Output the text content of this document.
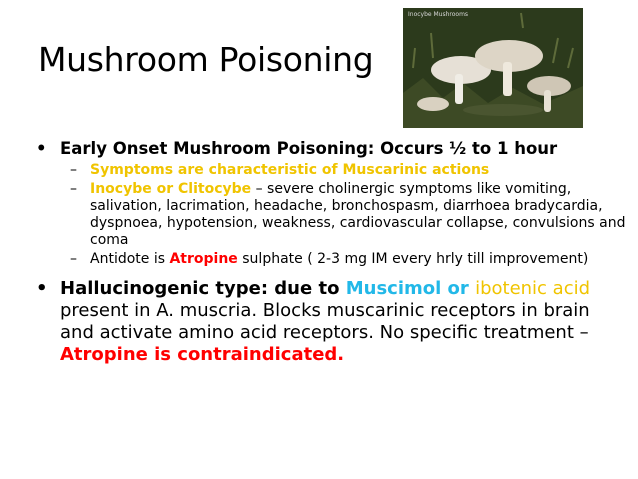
Mushroom Poisoning
Inocybe Mushrooms
• Early Onset Mushroom Poisoning: Occurs ½ to 1 hour
– Symptoms are characteristic of Muscarinic actions
– Inocybe or Clitocybe – severe cholinergic symptoms like vomiting, salivation, lacrimation, headache, bronchospasm, diarrhoea bradycardia, dyspnoea, hypotension, weakness, cardiovascular collapse, convulsions and coma
– Antidote is Atropine sulphate ( 2-3 mg IM every hrly till improvement)
• Hallucinogenic type: due to Muscimol or ibotenic acid present in A. muscria. Blocks muscarinic receptors in brain and activate amino acid receptors. No specific treatment – Atropine is contraindicated.
